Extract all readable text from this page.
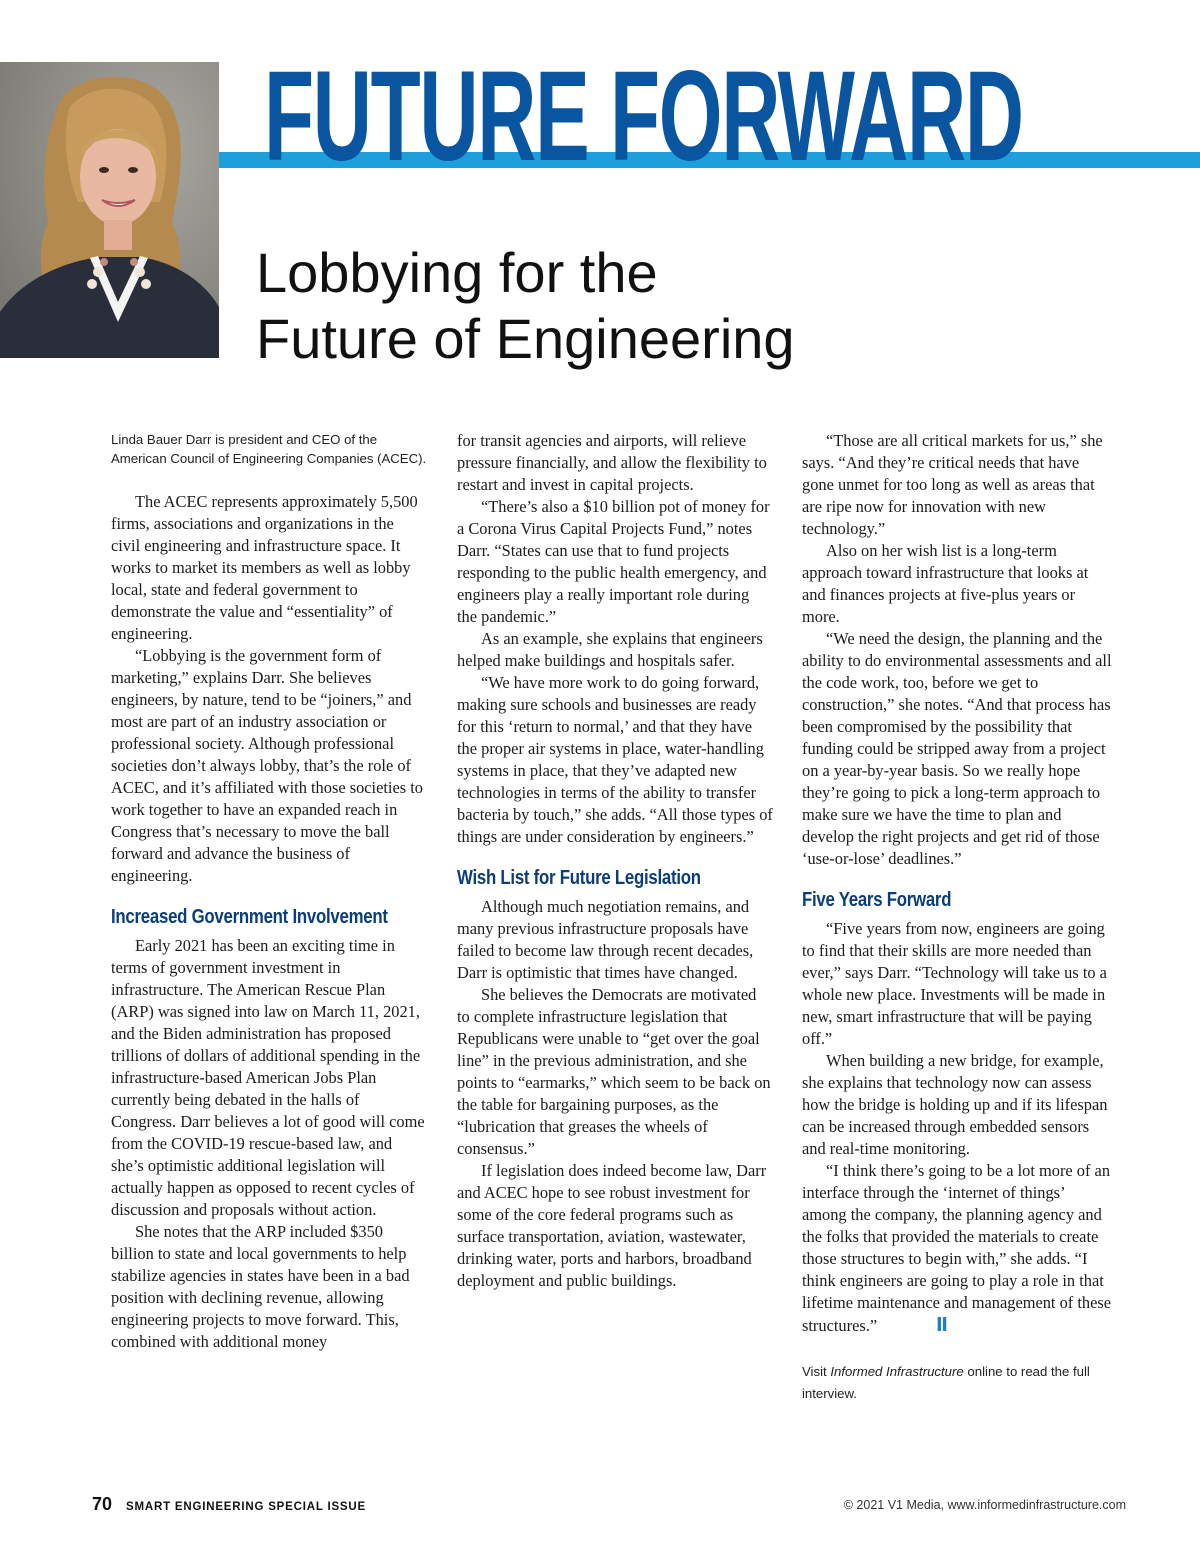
FUTURE FORWARD
Lobbying for the
Future of Engineering
Linda Bauer Darr is president and CEO of the American Council of Engineering Companies (ACEC).

The ACEC represents approximately 5,500 firms, associations and organizations in the civil engineering and infrastructure space. It works to market its members as well as lobby local, state and federal government to demonstrate the value and “essentiality” of engineering.

“Lobbying is the government form of marketing,” explains Darr. She believes engineers, by nature, tend to be “joiners,” and most are part of an industry association or professional society. Although professional societies don’t always lobby, that’s the role of ACEC, and it’s affiliated with those societies to work together to have an expanded reach in Congress that’s necessary to move the ball forward and advance the business of engineering.

Increased Government Involvement

Early 2021 has been an exciting time in terms of government investment in infrastructure. The American Rescue Plan (ARP) was signed into law on March 11, 2021, and the Biden administration has proposed trillions of dollars of additional spending in the infrastructure-based American Jobs Plan currently being debated in the halls of Congress. Darr believes a lot of good will come from the COVID-19 rescue-based law, and she’s optimistic additional legislation will actually happen as opposed to recent cycles of discussion and proposals without action.

She notes that the ARP included $350 billion to state and local governments to help stabilize agencies in states have been in a bad position with declining revenue, allowing engineering projects to move forward. This, combined with additional money

for transit agencies and airports, will relieve pressure financially, and allow the flexibility to restart and invest in capital projects.

“There’s also a $10 billion pot of money for a Corona Virus Capital Projects Fund,” notes Darr. “States can use that to fund projects responding to the public health emergency, and engineers play a really important role during the pandemic.”

As an example, she explains that engineers helped make buildings and hospitals safer.

“We have more work to do going forward, making sure schools and businesses are ready for this ‘return to normal,’ and that they have the proper air systems in place, water-handling systems in place, that they’ve adapted new technologies in terms of the ability to transfer bacteria by touch,” she adds. “All those types of things are under consideration by engineers.”

Wish List for Future Legislation

Although much negotiation remains, and many previous infrastructure proposals have failed to become law through recent decades, Darr is optimistic that times have changed.

She believes the Democrats are motivated to complete infrastructure legislation that Republicans were unable to “get over the goal line” in the previous administration, and she points to “earmarks,” which seem to be back on the table for bargaining purposes, as the “lubrication that greases the wheels of consensus.”

If legislation does indeed become law, Darr and ACEC hope to see robust investment for some of the core federal programs such as surface transportation, aviation, wastewater, drinking water, ports and harbors, broadband deployment and public buildings.

“Those are all critical markets for us,” she says. “And they’re critical needs that have gone unmet for too long as well as areas that are ripe now for innovation with new technology.”

Also on her wish list is a long-term approach toward infrastructure that looks at and finances projects at five-plus years or more.

“We need the design, the planning and the ability to do environmental assessments and all the code work, too, before we get to construction,” she notes. “And that process has been compromised by the possibility that funding could be stripped away from a project on a year-by-year basis. So we really hope they’re going to pick a long-term approach to make sure we have the time to plan and develop the right projects and get rid of those ‘use-or-lose’ deadlines.”

Five Years Forward

“Five years from now, engineers are going to find that their skills are more needed than ever,” says Darr. “Technology will take us to a whole new place. Investments will be made in new, smart infrastructure that will be paying off.”

When building a new bridge, for example, she explains that technology now can assess how the bridge is holding up and if its lifespan can be increased through embedded sensors and real-time monitoring.

“I think there’s going to be a lot more of an interface through the ‘internet of things’ among the company, the planning agency and the folks that provided the materials to create those structures to begin with,” she adds. “I think engineers are going to play a role in that lifetime maintenance and management of these structures.”	II

Visit Informed Infrastructure online to read the full interview.
70 SMART ENGINEERING SPECIAL ISSUE	© 2021 V1 Media, www.informedinfrastructure.com
